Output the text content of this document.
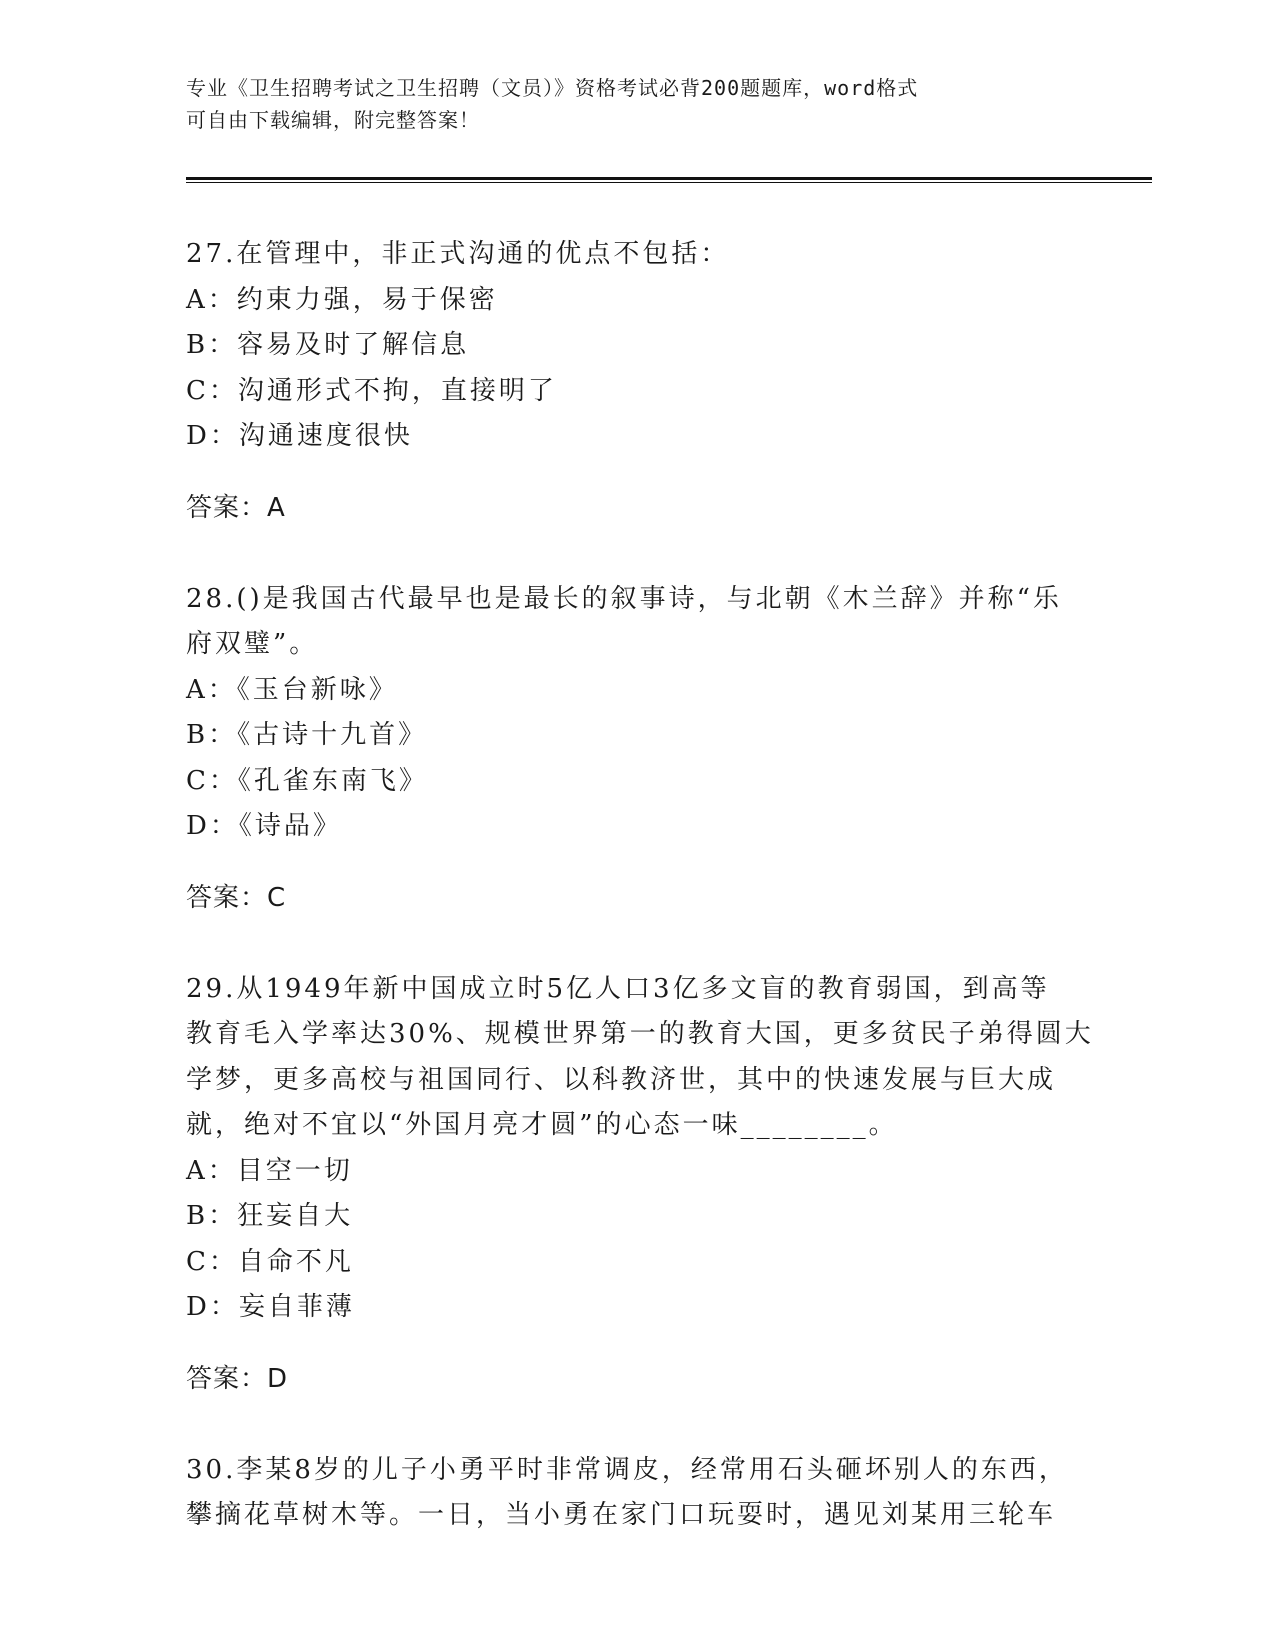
专业《卫生招聘考试之卫生招聘（文员）》资格考试必背200题题库，word格式
可自由下载编辑，附完整答案！

27.在管理中，非正式沟通的优点不包括：

A：约束力强，易于保密

B：容易及时了解信息

C：沟通形式不拘，直接明了

D：沟通速度很快

答案：A

28.()是我国古代最早也是最长的叙事诗，与北朝《木兰辞》并称“乐

府双璧”。

A：《玉台新咏》

B：《古诗十九首》

C：《孔雀东南飞》

D：《诗品》

答案：C

29.从1949年新中国成立时5亿人口3亿多文盲的教育弱国，到高等

教育毛入学率达30%、规模世界第一的教育大国，更多贫民子弟得圆大

学梦，更多高校与祖国同行、以科教济世，其中的快速发展与巨大成

就，绝对不宜以“外国月亮才圆”的心态一味________。

A：目空一切

B：狂妄自大

C：自命不凡

D：妄自菲薄

答案：D

30.李某8岁的儿子小勇平时非常调皮，经常用石头砸坏别人的东西，

攀摘花草树木等。一日，当小勇在家门口玩耍时，遇见刘某用三轮车
